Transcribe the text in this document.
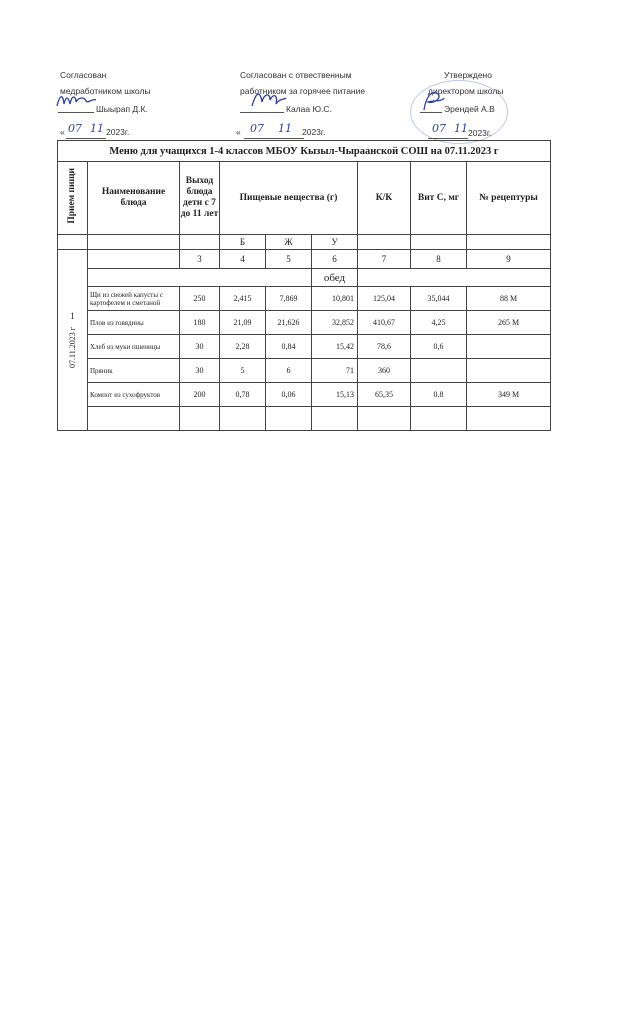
Согласован
медработником школы
Шыырап Д.К.
« 07 11 2023г.
Согласован с отвественным
работником за горячее питание
Калаа Ю.С.
« 07 11 2023г.
Утверждено
директором школы
Эрендей А.В
07 11 2023г.
Меню для учащихся 1-4 классов МБОУ Кызыл-Чыраанской СОШ на 07.11.2023 г								
Прием пищи	Наименование блюда	Выход блюда дети с 7 до 11 лет	Пищевые вещества (г)			К/К	Вит С, мг	№ рецептуры

			Б	Ж	У			

1
07.11.2023 г		3	4	5	6	7	8	9
					обед			
	Щи из свежей капусты с картофелем и сметаной	250	2,415	7,869	10,801	125,04	35,044	88 М
	Плов из говядины	180	21,09	21,626	32,852	410,67	4,25	265 М
	Хлеб из муки пшеницы	30	2,28	0,84	15,42	78,6	0,6	
	Пряник	30	5	6	71	360		
	Компот из сухофруктов	200	0,78	0,06	15,13	65,35	0.8	349 М
